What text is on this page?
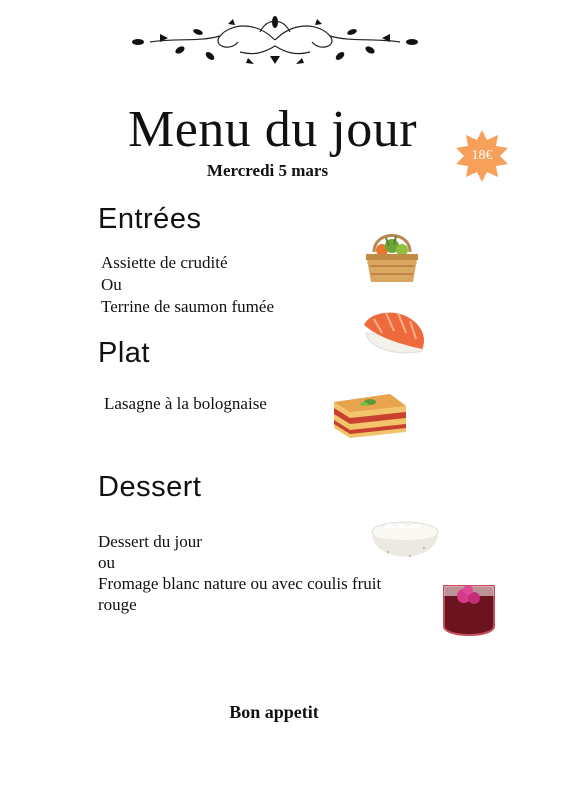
Menu du jour
Mercredi 5 mars
18€
Entrées
Assiette de crudité
Ou
Terrine de saumon fumée
Plat
Lasagne à la bolognaise
Dessert
Dessert du jour
ou
Fromage blanc nature ou avec coulis fruit
rouge
Bon appetit
